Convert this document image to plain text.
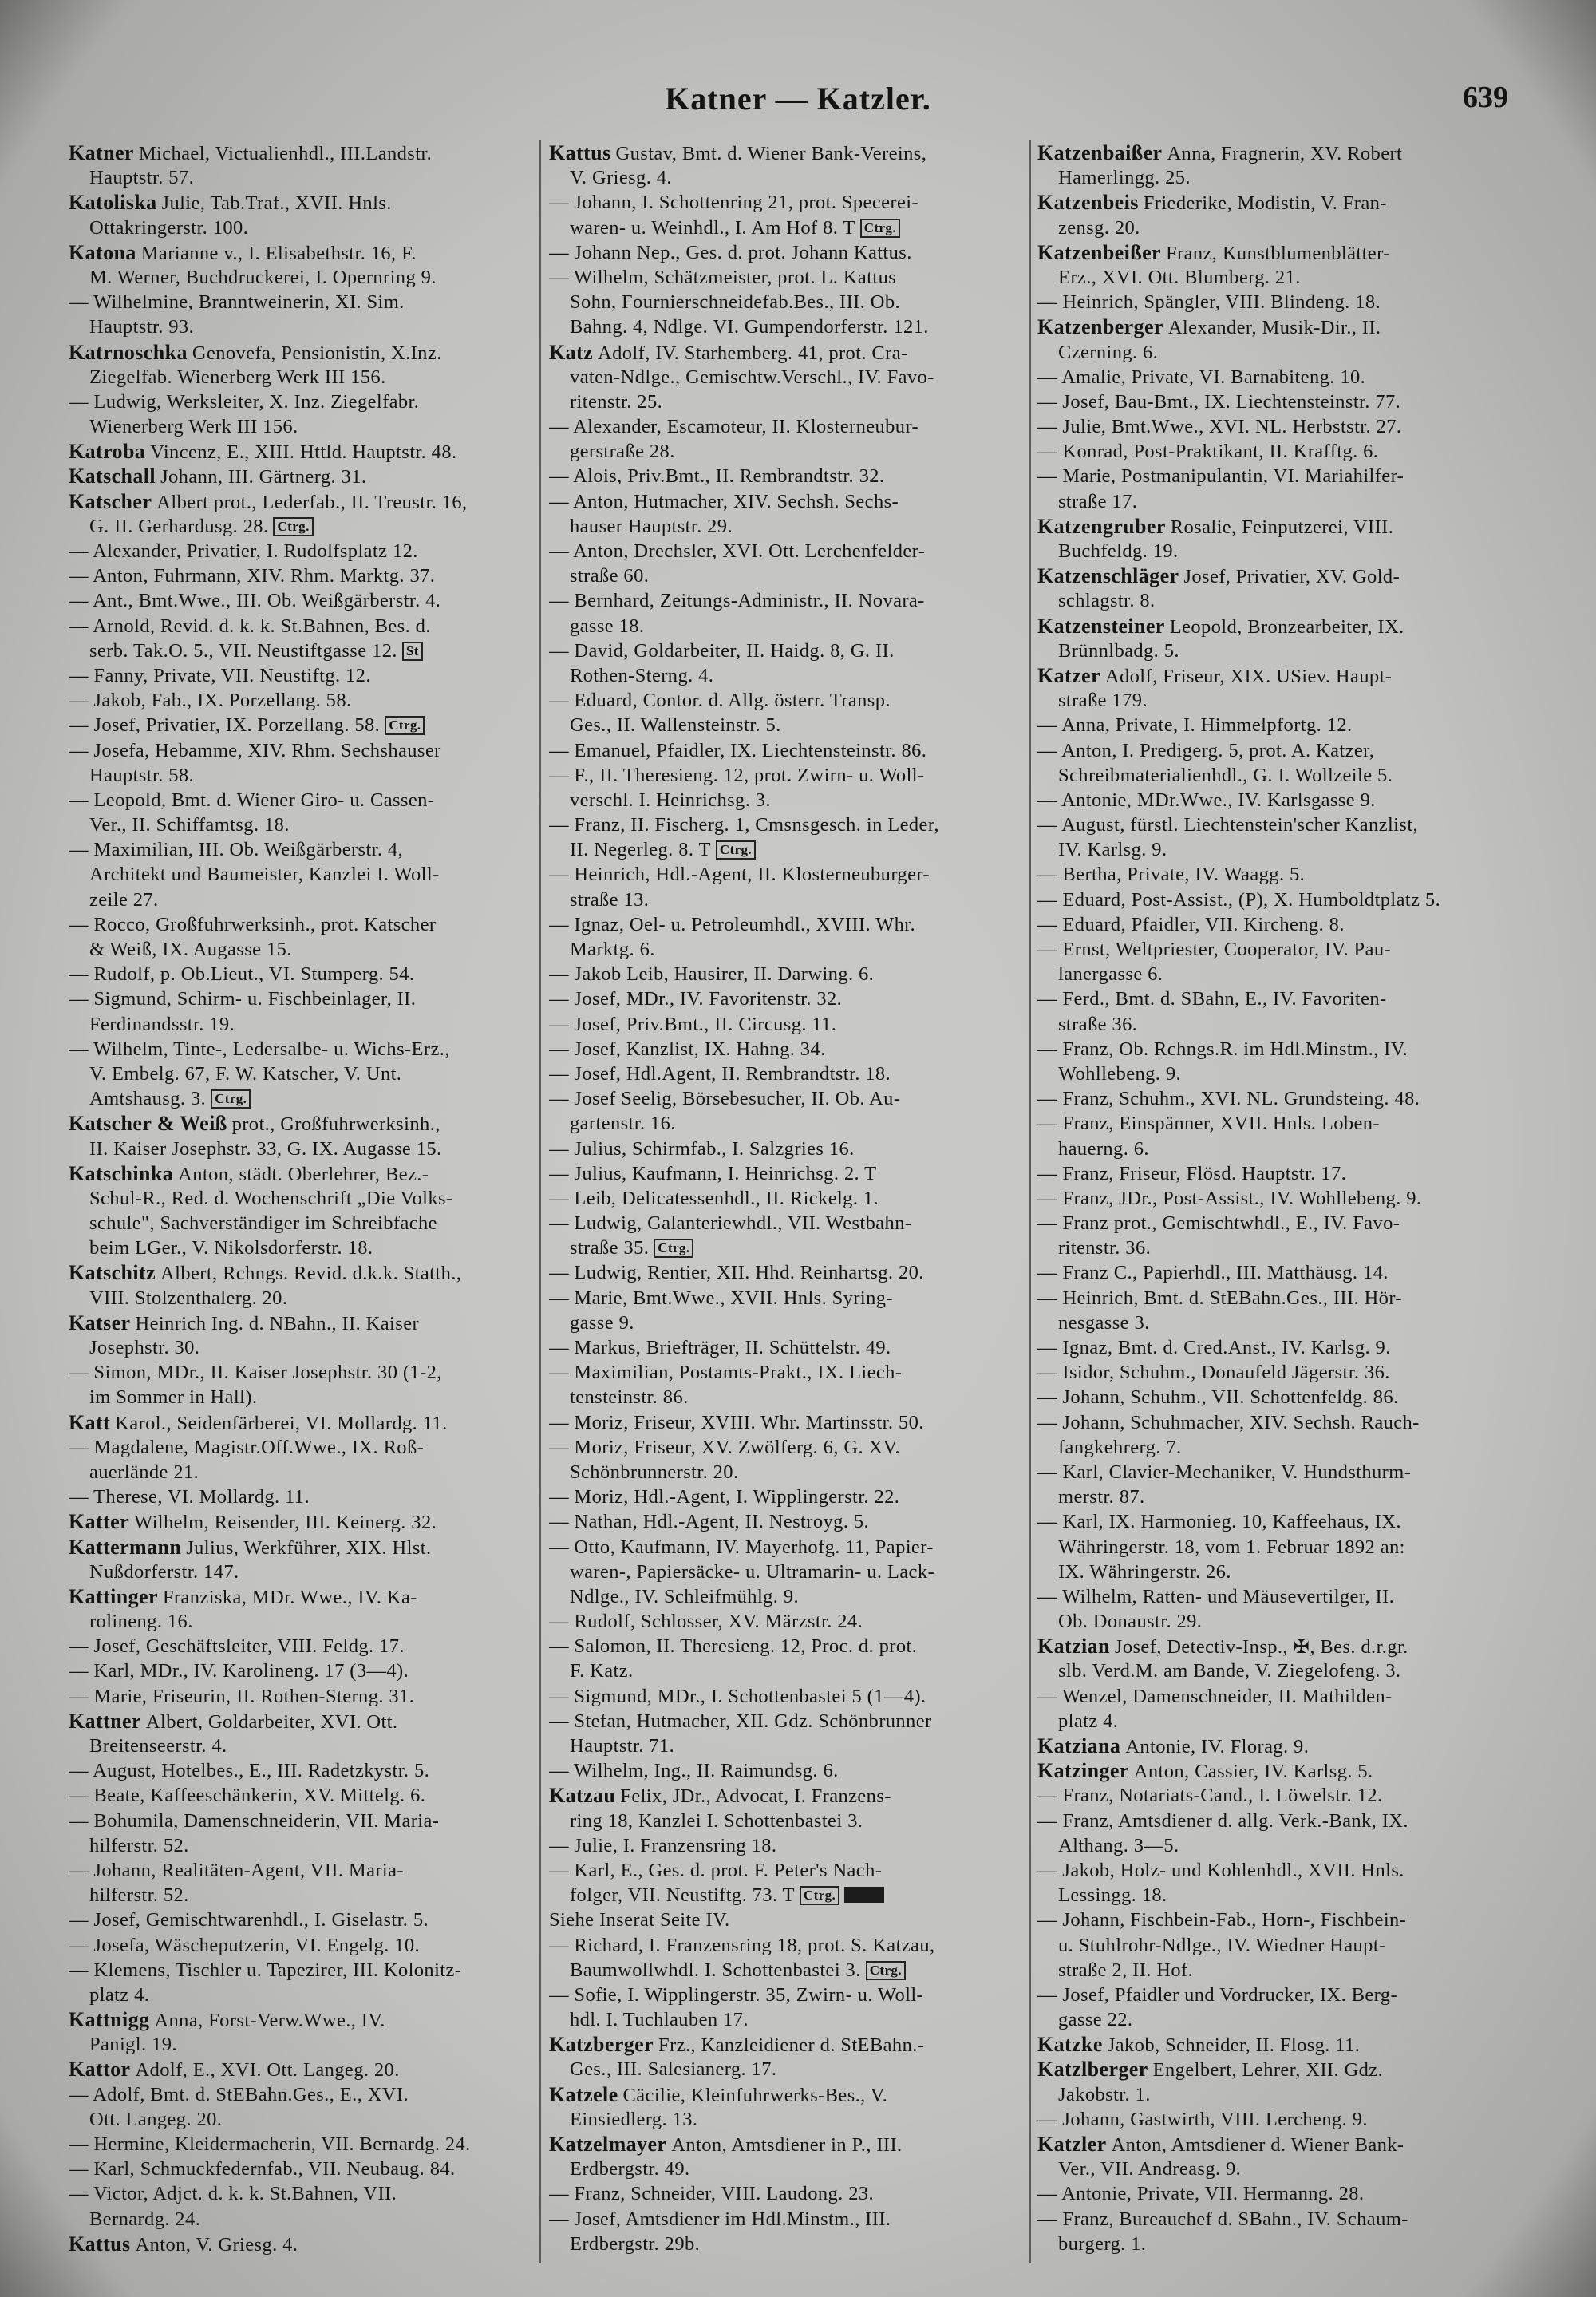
Katner — Katzler.	639
Katner Michael, Victualienhdl., III.Landstr.
Hauptstr. 57.
Katoliska Julie, Tab.Traf., XVII. Hnls.
Ottakringerstr. 100.
Katona Marianne v., I. Elisabethstr. 16, F.
M. Werner, Buchdruckerei, I. Opernring 9.
— Wilhelmine, Branntweinerin, XI. Sim.
Hauptstr. 93.
Katrnoschka Genovefa, Pensionistin, X.Inz.
Ziegelfab. Wienerberg Werk III 156.
— Ludwig, Werksleiter, X. Inz. Ziegelfabr.
Wienerberg Werk III 156.
Katroba Vincenz, E., XIII. Httld. Hauptstr. 48.
Katschall Johann, III. Gärtnerg. 31.
Katscher Albert prot., Lederfab., II. Treustr. 16,
G. II. Gerhardusg. 28. Ctrg.
— Alexander, Privatier, I. Rudolfsplatz 12.
— Anton, Fuhrmann, XIV. Rhm. Marktg. 37.
— Ant., Bmt.Wwe., III. Ob. Weißgärberstr. 4.
— Arnold, Revid. d. k. k. St.Bahnen, Bes. d.
serb. Tak.O. 5., VII. Neustiftgasse 12. St
— Fanny, Private, VII. Neustiftg. 12.
— Jakob, Fab., IX. Porzellang. 58.
— Josef, Privatier, IX. Porzellang. 58. Ctrg.
— Josefa, Hebamme, XIV. Rhm. Sechshauser
Hauptstr. 58.
— Leopold, Bmt. d. Wiener Giro- u. Cassen-
Ver., II. Schiffamtsg. 18.
— Maximilian, III. Ob. Weißgärberstr. 4,
Architekt und Baumeister, Kanzlei I. Woll-
zeile 27.
— Rocco, Großfuhrwerksinh., prot. Katscher
& Weiß, IX. Augasse 15.
— Rudolf, p. Ob.Lieut., VI. Stumperg. 54.
— Sigmund, Schirm- u. Fischbeinlager, II.
Ferdinandsstr. 19.
— Wilhelm, Tinte-, Ledersalbe- u. Wichs-Erz.,
V. Embelg. 67, F. W. Katscher, V. Unt.
Amtshausg. 3. Ctrg.
Katscher & Weiß prot., Großfuhrwerksinh.,
II. Kaiser Josephstr. 33, G. IX. Augasse 15.
Katschinka Anton, städt. Oberlehrer, Bez.-
Schul-R., Red. d. Wochenschrift „Die Volks-
schule", Sachverständiger im Schreibfache
beim LGer., V. Nikolsdorferstr. 18.
Katschitz Albert, Rchngs. Revid. d.k.k. Statth.,
VIII. Stolzenthalerg. 20.
Katser Heinrich Ing. d. NBahn., II. Kaiser
Josephstr. 30.
— Simon, MDr., II. Kaiser Josephstr. 30 (1-2,
im Sommer in Hall).
Katt Karol., Seidenfärberei, VI. Mollardg. 11.
— Magdalene, Magistr.Off.Wwe., IX. Roß-
auerlände 21.
— Therese, VI. Mollardg. 11.
Katter Wilhelm, Reisender, III. Keinerg. 32.
Kattermann Julius, Werkführer, XIX. Hlst.
Nußdorferstr. 147.
Kattinger Franziska, MDr. Wwe., IV. Ka-
rolineng. 16.
— Josef, Geschäftsleiter, VIII. Feldg. 17.
— Karl, MDr., IV. Karolineng. 17 (3—4).
— Marie, Friseurin, II. Rothen-Sterng. 31.
Kattner Albert, Goldarbeiter, XVI. Ott.
Breitenseerstr. 4.
— August, Hotelbes., E., III. Radetzkystr. 5.
— Beate, Kaffeeschänkerin, XV. Mittelg. 6.
— Bohumila, Damenschneiderin, VII. Maria-
hilferstr. 52.
— Johann, Realitäten-Agent, VII. Maria-
hilferstr. 52.
— Josef, Gemischtwarenhdl., I. Giselastr. 5.
— Josefa, Wäscheputzerin, VI. Engelg. 10.
— Klemens, Tischler u. Tapezirer, III. Kolonitz-
platz 4.
Kattnigg Anna, Forst-Verw.Wwe., IV.
Panigl. 19.
Kattor Adolf, E., XVI. Ott. Langeg. 20.
— Adolf, Bmt. d. StEBahn.Ges., E., XVI.
Ott. Langeg. 20.
— Hermine, Kleidermacherin, VII. Bernardg. 24.
— Karl, Schmuckfedernfab., VII. Neubaug. 84.
— Victor, Adjct. d. k. k. St.Bahnen, VII.
Bernardg. 24.
Kattus Anton, V. Griesg. 4.
Kattus Gustav, Bmt. d. Wiener Bank-Vereins,
V. Griesg. 4.
— Johann, I. Schottenring 21, prot. Specerei-
waren- u. Weinhdl., I. Am Hof 8. T Ctrg.
— Johann Nep., Ges. d. prot. Johann Kattus.
— Wilhelm, Schätzmeister, prot. L. Kattus
Sohn, Fournierschneidefab.Bes., III. Ob.
Bahng. 4, Ndlge. VI. Gumpendorferstr. 121.
Katz Adolf, IV. Starhemberg. 41, prot. Cra-
vaten-Ndlge., Gemischtw.Verschl., IV. Favo-
ritenstr. 25.
— Alexander, Escamoteur, II. Klosterneubur-
gerstraße 28.
— Alois, Priv.Bmt., II. Rembrandtstr. 32.
— Anton, Hutmacher, XIV. Sechsh. Sechs-
hauser Hauptstr. 29.
— Anton, Drechsler, XVI. Ott. Lerchenfelder-
straße 60.
— Bernhard, Zeitungs-Administr., II. Novara-
gasse 18.
— David, Goldarbeiter, II. Haidg. 8, G. II.
Rothen-Sterng. 4.
— Eduard, Contor. d. Allg. österr. Transp.
Ges., II. Wallensteinstr. 5.
— Emanuel, Pfaidler, IX. Liechtensteinstr. 86.
— F., II. Theresieng. 12, prot. Zwirn- u. Woll-
verschl. I. Heinrichsg. 3.
— Franz, II. Fischerg. 1, Cmsnsgesch. in Leder,
II. Negerleg. 8. T Ctrg.
— Heinrich, Hdl.-Agent, II. Klosterneuburger-
straße 13.
— Ignaz, Oel- u. Petroleumhdl., XVIII. Whr.
Marktg. 6.
— Jakob Leib, Hausirer, II. Darwing. 6.
— Josef, MDr., IV. Favoritenstr. 32.
— Josef, Priv.Bmt., II. Circusg. 11.
— Josef, Kanzlist, IX. Hahng. 34.
— Josef, Hdl.Agent, II. Rembrandtstr. 18.
— Josef Seelig, Börsebesucher, II. Ob. Au-
gartenstr. 16.
— Julius, Schirmfab., I. Salzgries 16.
— Julius, Kaufmann, I. Heinrichsg. 2. T
— Leib, Delicatessenhdl., II. Rickelg. 1.
— Ludwig, Galanteriewhdl., VII. Westbahn-
straße 35. Ctrg.
— Ludwig, Rentier, XII. Hhd. Reinhartsg. 20.
— Marie, Bmt.Wwe., XVII. Hnls. Syring-
gasse 9.
— Markus, Briefträger, II. Schüttelstr. 49.
— Maximilian, Postamts-Prakt., IX. Liech-
tensteinstr. 86.
— Moriz, Friseur, XVIII. Whr. Martinsstr. 50.
— Moriz, Friseur, XV. Zwölferg. 6, G. XV.
Schönbrunnerstr. 20.
— Moriz, Hdl.-Agent, I. Wipplingerstr. 22.
— Nathan, Hdl.-Agent, II. Nestroyg. 5.
— Otto, Kaufmann, IV. Mayerhofg. 11, Papier-
waren-, Papiersäcke- u. Ultramarin- u. Lack-
Ndlge., IV. Schleifmühlg. 9.
— Rudolf, Schlosser, XV. Märzstr. 24.
— Salomon, II. Theresieng. 12, Proc. d. prot.
F. Katz.
— Sigmund, MDr., I. Schottenbastei 5 (1—4).
— Stefan, Hutmacher, XII. Gdz. Schönbrunner
Hauptstr. 71.
— Wilhelm, Ing., II. Raimundsg. 6.
Katzau Felix, JDr., Advocat, I. Franzens-
ring 18, Kanzlei I. Schottenbastei 3.
— Julie, I. Franzensring 18.
— Karl, E., Ges. d. prot. F. Peter's Nach-
folger, VII. Neustiftg. 73. T Ctrg.
Siehe Inserat Seite IV.
— Richard, I. Franzensring 18, prot. S. Katzau,
Baumwollwhdl. I. Schottenbastei 3. Ctrg.
— Sofie, I. Wipplingerstr. 35, Zwirn- u. Woll-
hdl. I. Tuchlauben 17.
Katzberger Frz., Kanzleidiener d. StEBahn.-
Ges., III. Salesianerg. 17.
Katzele Cäcilie, Kleinfuhrwerks-Bes., V.
Einsiedlerg. 13.
Katzelmayer Anton, Amtsdiener in P., III.
Erdbergstr. 49.
— Franz, Schneider, VIII. Laudong. 23.
— Josef, Amtsdiener im Hdl.Minstm., III.
Erdbergstr. 29b.
Katzenbaißer Anna, Fragnerin, XV. Robert
Hamerlingg. 25.
Katzenbeis Friederike, Modistin, V. Fran-
zensg. 20.
Katzenbeißer Franz, Kunstblumenblätter-
Erz., XVI. Ott. Blumberg. 21.
— Heinrich, Spängler, VIII. Blindeng. 18.
Katzenberger Alexander, Musik-Dir., II.
Czerning. 6.
— Amalie, Private, VI. Barnabiteng. 10.
— Josef, Bau-Bmt., IX. Liechtensteinstr. 77.
— Julie, Bmt.Wwe., XVI. NL. Herbststr. 27.
— Konrad, Post-Praktikant, II. Krafftg. 6.
— Marie, Postmanipulantin, VI. Mariahilfer-
straße 17.
Katzengruber Rosalie, Feinputzerei, VIII.
Buchfeldg. 19.
Katzenschläger Josef, Privatier, XV. Gold-
schlagstr. 8.
Katzensteiner Leopold, Bronzearbeiter, IX.
Brünnlbadg. 5.
Katzer Adolf, Friseur, XIX. USiev. Haupt-
straße 179.
— Anna, Private, I. Himmelpfortg. 12.
— Anton, I. Predigerg. 5, prot. A. Katzer,
Schreibmaterialienhdl., G. I. Wollzeile 5.
— Antonie, MDr.Wwe., IV. Karlsgasse 9.
— August, fürstl. Liechtenstein'scher Kanzlist,
IV. Karlsg. 9.
— Bertha, Private, IV. Waagg. 5.
— Eduard, Post-Assist., (P), X. Humboldtplatz 5.
— Eduard, Pfaidler, VII. Kircheng. 8.
— Ernst, Weltpriester, Cooperator, IV. Pau-
lanergasse 6.
— Ferd., Bmt. d. SBahn, E., IV. Favoriten-
straße 36.
— Franz, Ob. Rchngs.R. im Hdl.Minstm., IV.
Wohllebeng. 9.
— Franz, Schuhm., XVI. NL. Grundsteing. 48.
— Franz, Einspänner, XVII. Hnls. Loben-
hauerng. 6.
— Franz, Friseur, Flösd. Hauptstr. 17.
— Franz, JDr., Post-Assist., IV. Wohllebeng. 9.
— Franz prot., Gemischtwhdl., E., IV. Favo-
ritenstr. 36.
— Franz C., Papierhdl., III. Matthäusg. 14.
— Heinrich, Bmt. d. StEBahn.Ges., III. Hör-
nesgasse 3.
— Ignaz, Bmt. d. Cred.Anst., IV. Karlsg. 9.
— Isidor, Schuhm., Donaufeld Jägerstr. 36.
— Johann, Schuhm., VII. Schottenfeldg. 86.
— Johann, Schuhmacher, XIV. Sechsh. Rauch-
fangkehrerg. 7.
— Karl, Clavier-Mechaniker, V. Hundsthurm-
merstr. 87.
— Karl, IX. Harmonieg. 10, Kaffeehaus, IX.
Währingerstr. 18, vom 1. Februar 1892 an:
IX. Währingerstr. 26.
— Wilhelm, Ratten- und Mäusevertilger, II.
Ob. Donaustr. 29.
Katzian Josef, Detectiv-Insp., ✠, Bes. d.r.gr.
slb. Verd.M. am Bande, V. Ziegelofeng. 3.
— Wenzel, Damenschneider, II. Mathilden-
platz 4.
Katziana Antonie, IV. Florag. 9.
Katzinger Anton, Cassier, IV. Karlsg. 5.
— Franz, Notariats-Cand., I. Löwelstr. 12.
— Franz, Amtsdiener d. allg. Verk.-Bank, IX.
Althang. 3—5.
— Jakob, Holz- und Kohlenhdl., XVII. Hnls.
Lessingg. 18.
— Johann, Fischbein-Fab., Horn-, Fischbein-
u. Stuhlrohr-Ndlge., IV. Wiedner Haupt-
straße 2, II. Hof.
— Josef, Pfaidler und Vordrucker, IX. Berg-
gasse 22.
Katzke Jakob, Schneider, II. Flosg. 11.
Katzlberger Engelbert, Lehrer, XII. Gdz.
Jakobstr. 1.
— Johann, Gastwirth, VIII. Lercheng. 9.
Katzler Anton, Amtsdiener d. Wiener Bank-
Ver., VII. Andreasg. 9.
— Antonie, Private, VII. Hermanng. 28.
— Franz, Bureauchef d. SBahn., IV. Schaum-
burgerg. 1.
